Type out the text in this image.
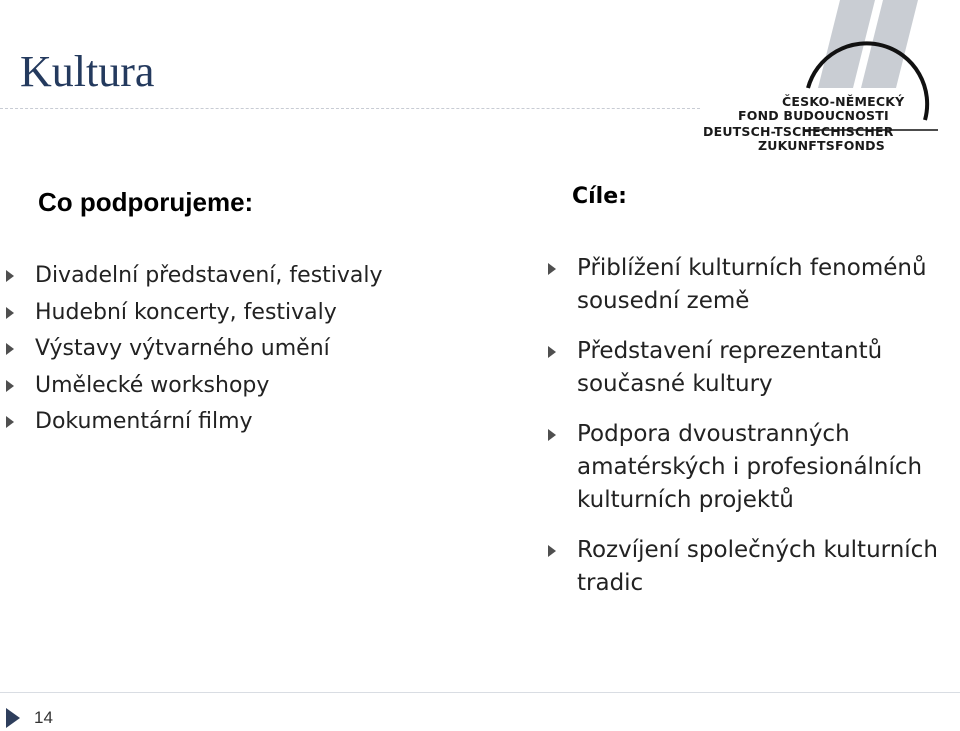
Kultura
ČESKO-NĚMECKÝ
FOND BUDOUCNOSTI
DEUTSCH-TSCHECHISCHER
ZUKUNFTSFONDS
Co podporujeme:
Divadelní představení, festivaly
Hudební koncerty, festivaly
Výstavy výtvarného umění
Umělecké workshopy
Dokumentární filmy
Cíle:
Přiblížení kulturních fenoménů sousední země
Představení reprezentantů současné kultury
Podpora dvoustranných amatérských i profesionálních kulturních projektů
Rozvíjení společných kulturních tradic
14
